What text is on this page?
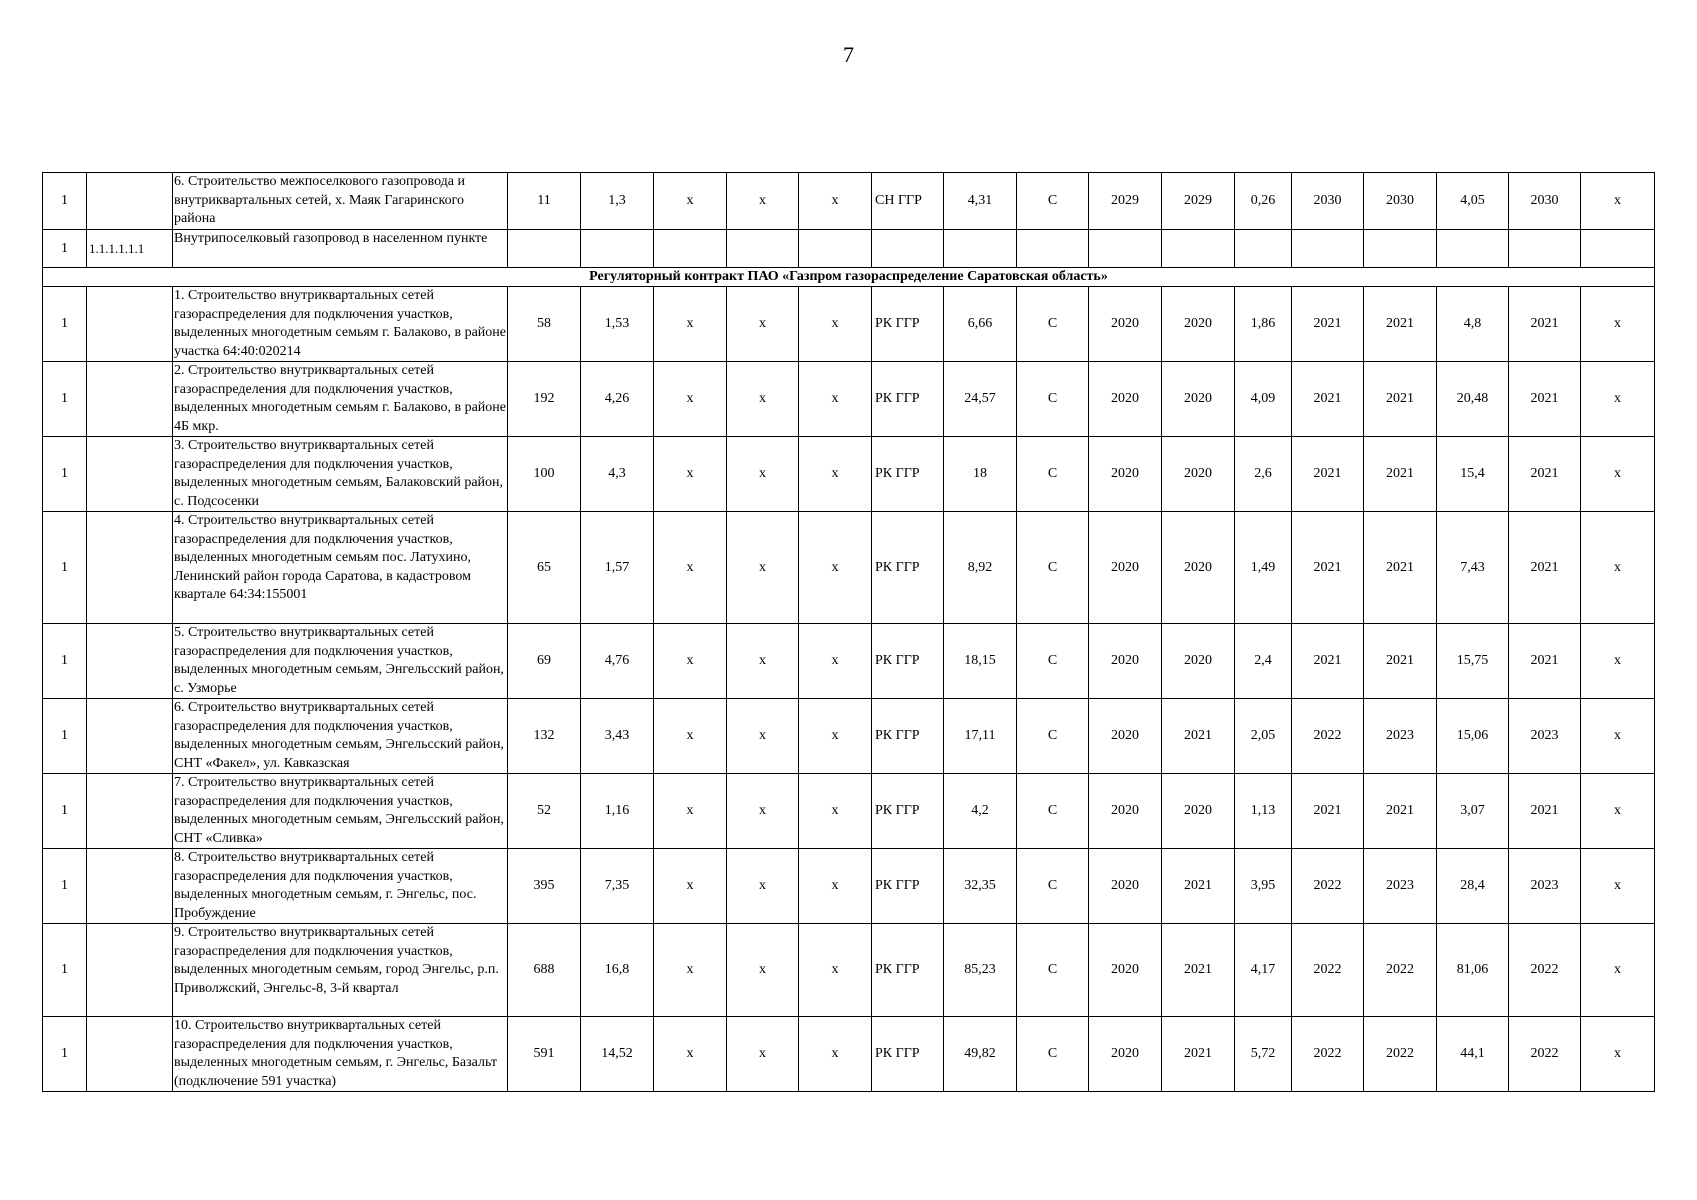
7
1		6. Строительство межпоселкового газопровода и внутриквартальных сетей, х. Маяк Гагаринского района	11	1,3	х	х	х	СН ГГР	4,31	С	2029	2029	0,26	2030	2030	4,05	2030	х
1	1.1.1.1.1.1	Внутрипоселковый газопровод в населенном пункте																
Регуляторный контракт ПАО «Газпром газораспределение Саратовская область»																		
1		1. Строительство внутриквартальных сетей газораспределения для подключения участков, выделенных многодетным семьям г. Балаково, в районе участка 64:40:020214	58	1,53	х	х	х	РК ГГР	6,66	С	2020	2020	1,86	2021	2021	4,8	2021	х
1		2. Строительство внутриквартальных сетей газораспределения для подключения участков, выделенных многодетным семьям г. Балаково, в районе 4Б мкр.	192	4,26	х	х	х	РК ГГР	24,57	С	2020	2020	4,09	2021	2021	20,48	2021	х
1		3. Строительство внутриквартальных сетей газораспределения для подключения участков, выделенных многодетным семьям, Балаковский район, с. Подсосенки	100	4,3	х	х	х	РК ГГР	18	С	2020	2020	2,6	2021	2021	15,4	2021	х
1		4. Строительство внутриквартальных сетей газораспределения для подключения участков, выделенных многодетным семьям пос. Латухино, Ленинский район города Саратова, в кадастровом квартале 64:34:155001	65	1,57	х	х	х	РК ГГР	8,92	С	2020	2020	1,49	2021	2021	7,43	2021	х
1		5. Строительство внутриквартальных сетей газораспределения для подключения участков, выделенных многодетным семьям, Энгельсский район, с. Узморье	69	4,76	х	х	х	РК ГГР	18,15	С	2020	2020	2,4	2021	2021	15,75	2021	х
1		6. Строительство внутриквартальных сетей газораспределения для подключения участков, выделенных многодетным семьям, Энгельсский район, СНТ «Факел», ул. Кавказская	132	3,43	х	х	х	РК ГГР	17,11	С	2020	2021	2,05	2022	2023	15,06	2023	х
1		7. Строительство внутриквартальных сетей газораспределения для подключения участков, выделенных многодетным семьям, Энгельсский район, СНТ «Сливка»	52	1,16	х	х	х	РК ГГР	4,2	С	2020	2020	1,13	2021	2021	3,07	2021	х
1		8. Строительство внутриквартальных сетей газораспределения для подключения участков, выделенных многодетным семьям, г. Энгельс, пос. Пробуждение	395	7,35	х	х	х	РК ГГР	32,35	С	2020	2021	3,95	2022	2023	28,4	2023	х
1		9. Строительство внутриквартальных сетей газораспределения для подключения участков, выделенных многодетным семьям, город Энгельс, р.п. Приволжский, Энгельс-8, 3-й квартал	688	16,8	х	х	х	РК ГГР	85,23	С	2020	2021	4,17	2022	2022	81,06	2022	х
1		10. Строительство внутриквартальных сетей газораспределения для подключения участков, выделенных многодетным семьям, г. Энгельс, Базальт (подключение 591 участка)	591	14,52	х	х	х	РК ГГР	49,82	С	2020	2021	5,72	2022	2022	44,1	2022	х
